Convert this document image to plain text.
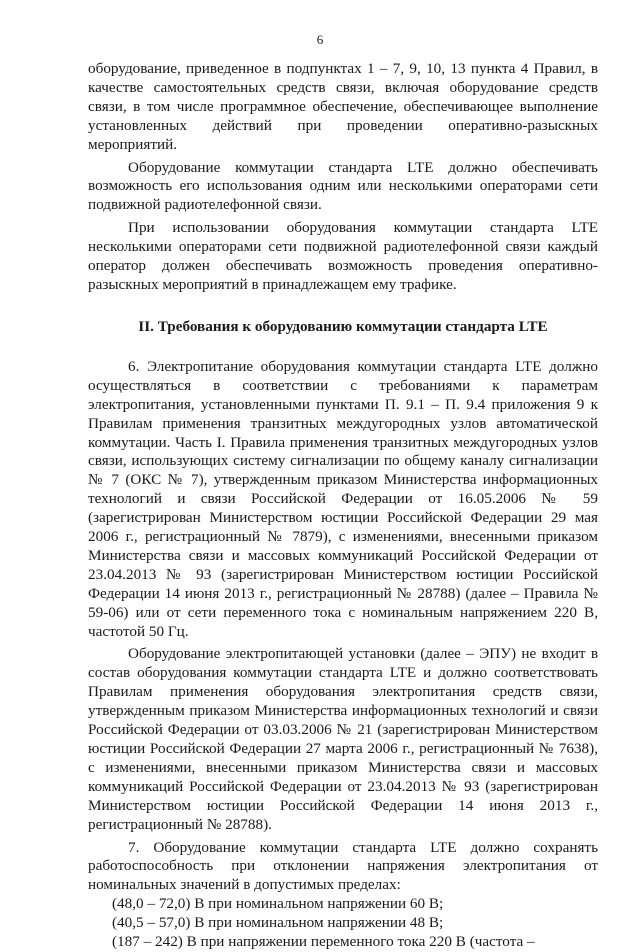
6

оборудование, приведенное в подпунктах 1 – 7, 9, 10, 13 пункта 4 Правил, в качестве самостоятельных средств связи, включая оборудование средств связи, в том числе программное обеспечение, обеспечивающее выполнение установленных действий при проведении оперативно-разыскных мероприятий.

Оборудование коммутации стандарта LTE должно обеспечивать возможность его использования одним или несколькими операторами сети подвижной радиотелефонной связи.

При использовании оборудования коммутации стандарта LTE несколькими операторами сети подвижной радиотелефонной связи каждый оператор должен обеспечивать возможность проведения оперативно-разыскных мероприятий в принадлежащем ему трафике.

II. Требования к оборудованию коммутации стандарта LTE

6. Электропитание оборудования коммутации стандарта LTE должно осуществляться в соответствии с требованиями к параметрам электропитания, установленными пунктами П. 9.1 – П. 9.4 приложения 9 к Правилам применения транзитных междугородных узлов автоматической коммутации. Часть I. Правила применения транзитных междугородных узлов связи, использующих систему сигнализации по общему каналу сигнализации № 7 (ОКС № 7), утвержденным приказом Министерства информационных технологий и связи Российской Федерации от 16.05.2006 № 59 (зарегистрирован Министерством юстиции Российской Федерации 29 мая 2006 г., регистрационный № 7879), с изменениями, внесенными приказом Министерства связи и массовых коммуникаций Российской Федерации от 23.04.2013 № 93 (зарегистрирован Министерством юстиции Российской Федерации 14 июня 2013 г., регистрационный № 28788) (далее – Правила № 59-06) или от сети переменного тока с номинальным напряжением 220 В, частотой 50 Гц.

Оборудование электропитающей установки (далее – ЭПУ) не входит в состав оборудования коммутации стандарта LTE и должно соответствовать Правилам применения оборудования электропитания средств связи, утвержденным приказом Министерства информационных технологий и связи Российской Федерации от 03.03.2006 № 21 (зарегистрирован Министерством юстиции Российской Федерации 27 марта 2006 г., регистрационный № 7638), с изменениями, внесенными приказом Министерства связи и массовых коммуникаций Российской Федерации от 23.04.2013 № 93 (зарегистрирован Министерством юстиции Российской Федерации 14 июня 2013 г., регистрационный № 28788).

7. Оборудование коммутации стандарта LTE должно сохранять работоспособность при отклонении напряжения электропитания от номинальных значений в допустимых пределах:

(48,0 – 72,0) В при номинальном напряжении 60 В;

(40,5 – 57,0) В при номинальном напряжении 48 В;

(187 – 242) В при напряжении переменного тока 220 В (частота –
